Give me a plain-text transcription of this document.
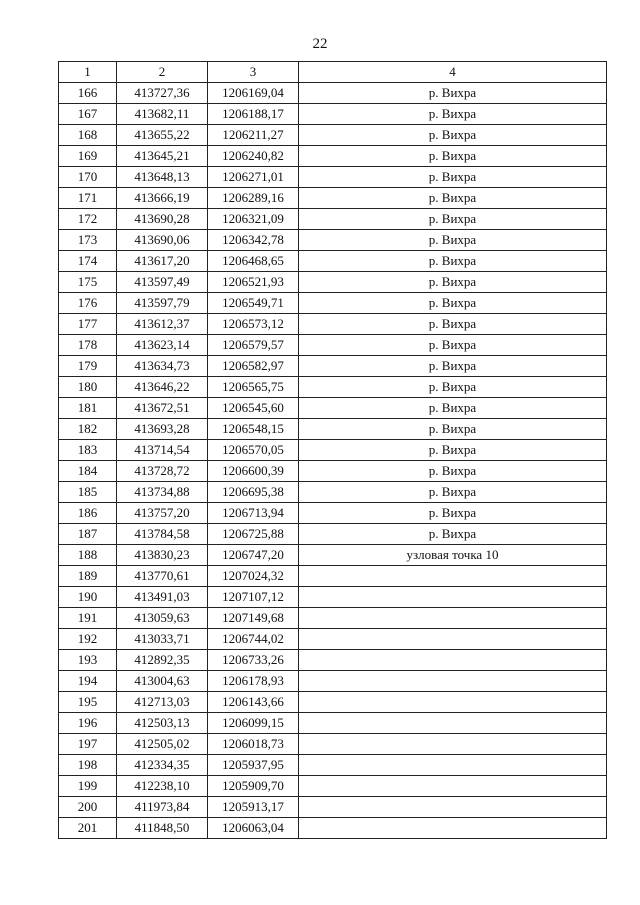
22
1	2	3	4
166	413727,36	1206169,04	р. Вихра
167	413682,11	1206188,17	р. Вихра
168	413655,22	1206211,27	р. Вихра
169	413645,21	1206240,82	р. Вихра
170	413648,13	1206271,01	р. Вихра
171	413666,19	1206289,16	р. Вихра
172	413690,28	1206321,09	р. Вихра
173	413690,06	1206342,78	р. Вихра
174	413617,20	1206468,65	р. Вихра
175	413597,49	1206521,93	р. Вихра
176	413597,79	1206549,71	р. Вихра
177	413612,37	1206573,12	р. Вихра
178	413623,14	1206579,57	р. Вихра
179	413634,73	1206582,97	р. Вихра
180	413646,22	1206565,75	р. Вихра
181	413672,51	1206545,60	р. Вихра
182	413693,28	1206548,15	р. Вихра
183	413714,54	1206570,05	р. Вихра
184	413728,72	1206600,39	р. Вихра
185	413734,88	1206695,38	р. Вихра
186	413757,20	1206713,94	р. Вихра
187	413784,58	1206725,88	р. Вихра
188	413830,23	1206747,20	узловая точка 10
189	413770,61	1207024,32	
190	413491,03	1207107,12	
191	413059,63	1207149,68	
192	413033,71	1206744,02	
193	412892,35	1206733,26	
194	413004,63	1206178,93	
195	412713,03	1206143,66	
196	412503,13	1206099,15	
197	412505,02	1206018,73	
198	412334,35	1205937,95	
199	412238,10	1205909,70	
200	411973,84	1205913,17	
201	411848,50	1206063,04	
